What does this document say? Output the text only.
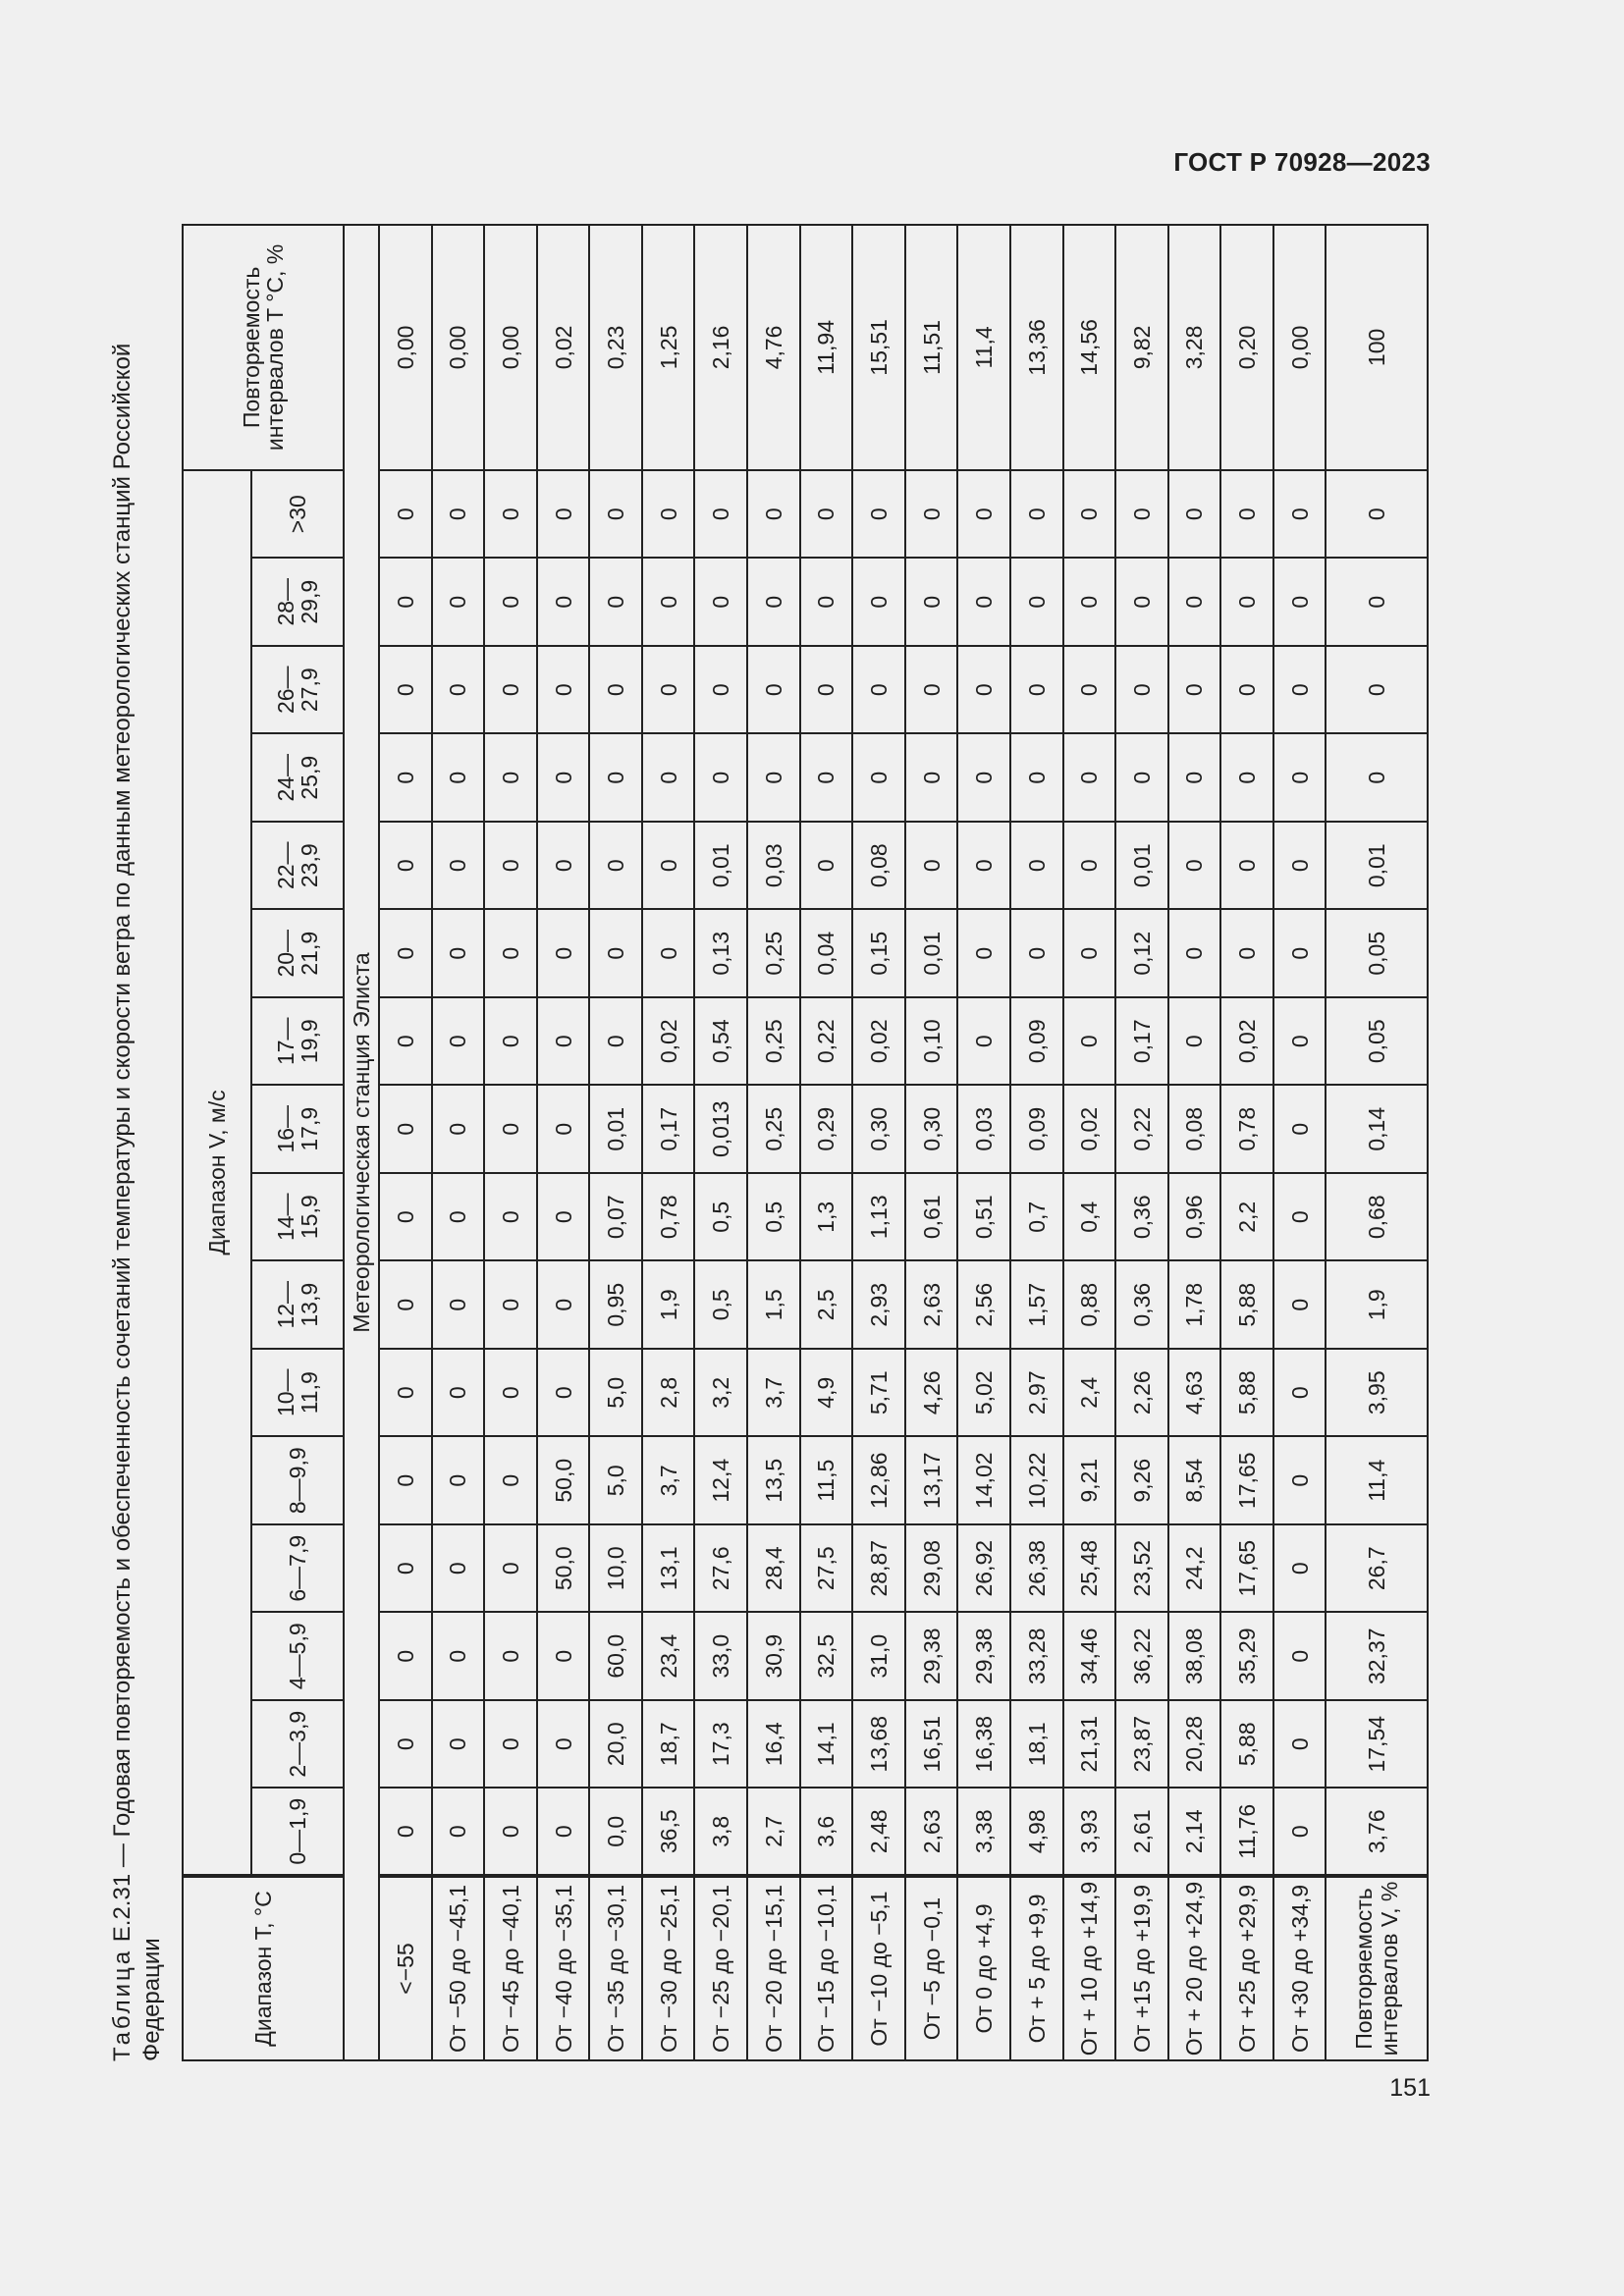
ГОСТ Р 70928—2023
151
Таблица Е.2.31 — Годовая повторяемость и обеспеченность сочетаний температуры и скорости ветра по данным метеорологических станций Российской Федерации	Диапазон T, °C	Диапазон V, м/с																Повторяемость интервалов T °C, %
	0—1,9	2—3,9	4—5,9	6—7,9	8—9,9	10—11,9	12—13,9	14—15,9	16—17,9	17—19,9	20—21,9	22—23,9	24—25,9	26—27,9	28—29,9	>30	
Метеорологическая станция Элиста																	
<−55	0	0	0	0	0	0	0	0	0	0	0	0	0	0	0	0	0,00
От −50 до −45,1	0	0	0	0	0	0	0	0	0	0	0	0	0	0	0	0	0,00
От −45 до −40,1	0	0	0	0	0	0	0	0	0	0	0	0	0	0	0	0	0,00
От −40 до −35,1	0	0	0	50,0	50,0	0	0	0	0	0	0	0	0	0	0	0	0,02
От −35 до −30,1	0,0	20,0	60,0	10,0	5,0	5,0	0,95	0,07	0,01	0	0	0	0	0	0	0	0,23
От −30 до −25,1	36,5	18,7	23,4	13,1	3,7	2,8	1,9	0,78	0,17	0,02	0	0	0	0	0	0	1,25
От −25 до −20,1	3,8	17,3	33,0	27,6	12,4	3,2	0,5	0,5	0,013	0,54	0,13	0,01	0	0	0	0	2,16
От −20 до −15,1	2,7	16,4	30,9	28,4	13,5	3,7	1,5	0,5	0,25	0,25	0,25	0,03	0	0	0	0	4,76
От −15 до −10,1	3,6	14,1	32,5	27,5	11,5	4,9	2,5	1,3	0,29	0,22	0,04	0	0	0	0	0	11,94
От −10 до −5,1	2,48	13,68	31,0	28,87	12,86	5,71	2,93	1,13	0,30	0,02	0,15	0,08	0	0	0	0	15,51
От −5 до −0,1	2,63	16,51	29,38	29,08	13,17	4,26	2,63	0,61	0,30	0,10	0,01	0	0	0	0	0	11,51
От 0 до +4,9	3,38	16,38	29,38	26,92	14,02	5,02	2,56	0,51	0,03	0	0	0	0	0	0	0	11,4
От + 5 до +9,9	4,98	18,1	33,28	26,38	10,22	2,97	1,57	0,7	0,09	0,09	0	0	0	0	0	0	13,36
От + 10 до +14,9	3,93	21,31	34,46	25,48	9,21	2,4	0,88	0,4	0,02	0	0	0	0	0	0	0	14,56
От +15 до +19,9	2,61	23,87	36,22	23,52	9,26	2,26	0,36	0,36	0,22	0,17	0,12	0,01	0	0	0	0	9,82
От + 20 до +24,9	2,14	20,28	38,08	24,2	8,54	4,63	1,78	0,96	0,08	0	0	0	0	0	0	0	3,28
От +25 до +29,9	11,76	5,88	35,29	17,65	17,65	5,88	5,88	2,2	0,78	0,02	0	0	0	0	0	0	0,20
От +30 до +34,9	0	0	0	0	0	0	0	0	0	0	0	0	0	0	0	0	0,00
Повторяемость интервалов V, %	3,76	17,54	32,37	26,7	11,4	3,95	1,9	0,68	0,14	0,05	0,05	0,01	0	0	0	0	100
